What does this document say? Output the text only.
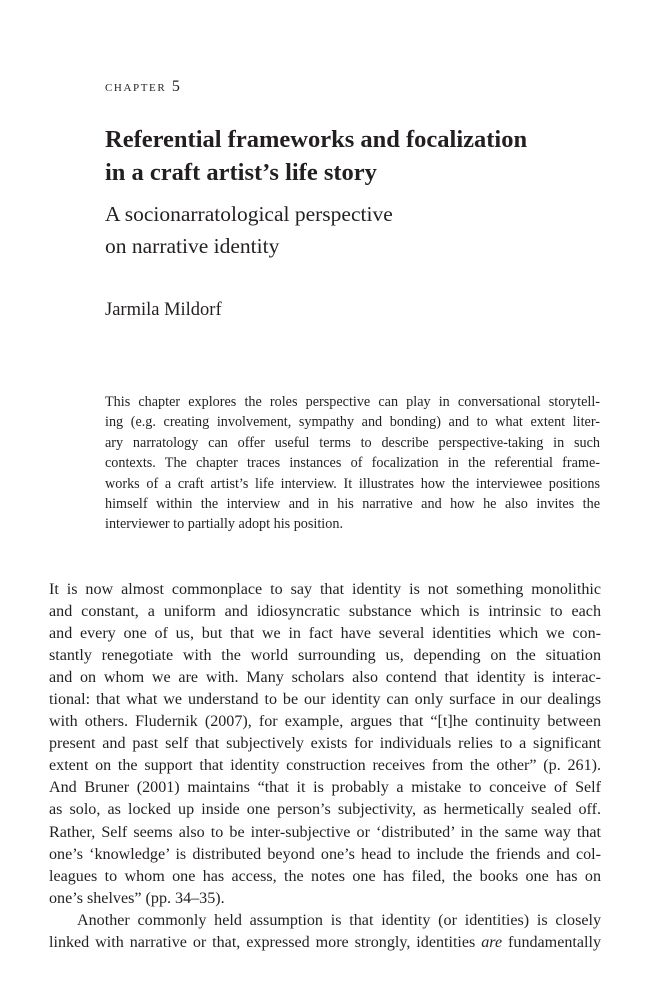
chapter 5
Referential frameworks and focalization
in a craft artist’s life story
A socionarratological perspective
on narrative identity
Jarmila Mildorf
This chapter explores the roles perspective can play in conversational storytell-
ing (e.g. creating involvement, sympathy and bonding) and to what extent liter-
ary narratology can offer useful terms to describe perspective-taking in such
contexts. The chapter traces instances of focalization in the referential frame-
works of a craft artist’s life interview. It illustrates how the interviewee positions
himself within the interview and in his narrative and how he also invites the
interviewer to partially adopt his position.
It is now almost commonplace to say that identity is not something monolithic
and constant, a uniform and idiosyncratic substance which is intrinsic to each
and every one of us, but that we in fact have several identities which we con-
stantly renegotiate with the world surrounding us, depending on the situation
and on whom we are with. Many scholars also contend that identity is interac-
tional: that what we understand to be our identity can only surface in our dealings
with others. Fludernik (2007), for example, argues that “[t]he continuity between
present and past self that subjectively exists for individuals relies to a significant
extent on the support that identity construction receives from the other” (p. 261).
And Bruner (2001) maintains “that it is probably a mistake to conceive of Self
as solo, as locked up inside one person’s subjectivity, as hermetically sealed off.
Rather, Self seems also to be inter-subjective or ‘distributed’ in the same way that
one’s ‘knowledge’ is distributed beyond one’s head to include the friends and col-
leagues to whom one has access, the notes one has filed, the books one has on
one’s shelves” (pp. 34–35).
Another commonly held assumption is that identity (or identities) is closely
linked with narrative or that, expressed more strongly, identities are fundamentally
